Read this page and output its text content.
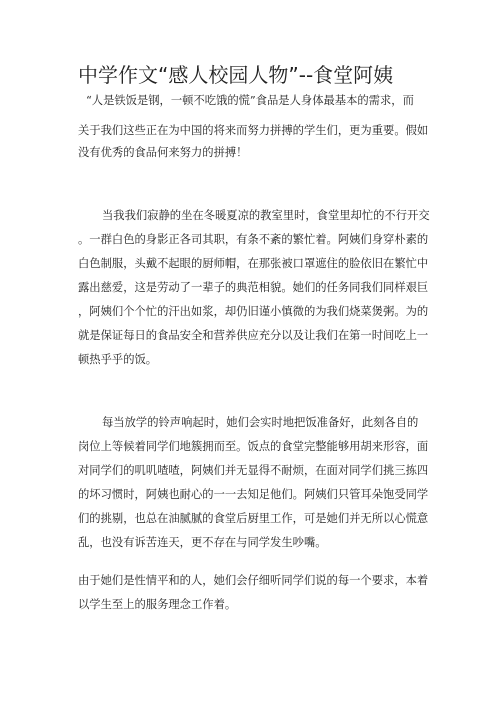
中学作文“感人校园人物”--食堂阿姨
“人是铁饭是钢，一顿不吃饿的慌”食品是人身体最基本的需求，而
关于我们这些正在为中国的将来而努力拼搏的学生们，更为重要。假如
没有优秀的食品何来努力的拼搏！
当我我们寂静的坐在冬暖夏凉的教室里时，食堂里却忙的不行开交
。一群白色的身影正各司其职，有条不紊的繁忙着。阿姨们身穿朴素的
白色制服，头戴不起眼的厨师帽，在那张被口罩遮住的脸依旧在繁忙中
露出慈爱，这是劳动了一辈子的典范相貌。她们的任务同我们同样艰巨
，阿姨们个个忙的汗出如浆，却仍旧谨小慎微的为我们烧菜煲粥。为的
就是保证每日的食品安全和营养供应充分以及让我们在第一时间吃上一
顿热乎乎的饭。
每当放学的铃声响起时，她们会实时地把饭准备好，此刻各自的
岗位上等候着同学们地簇拥而至。饭点的食堂完整能够用胡来形容，面
对同学们的叽叽喳喳，阿姨们并无显得不耐烦，在面对同学们挑三拣四
的坏习惯时，阿姨也耐心的一一去知足他们。阿姨们只管耳朵饱受同学
们的挑剔，也总在油腻腻的食堂后厨里工作，可是她们并无所以心慌意
乱，也没有诉苦连天，更不存在与同学发生吵嘴。
由于她们是性情平和的人，她们会仔细听同学们说的每一个要求，本着
以学生至上的服务理念工作着。
